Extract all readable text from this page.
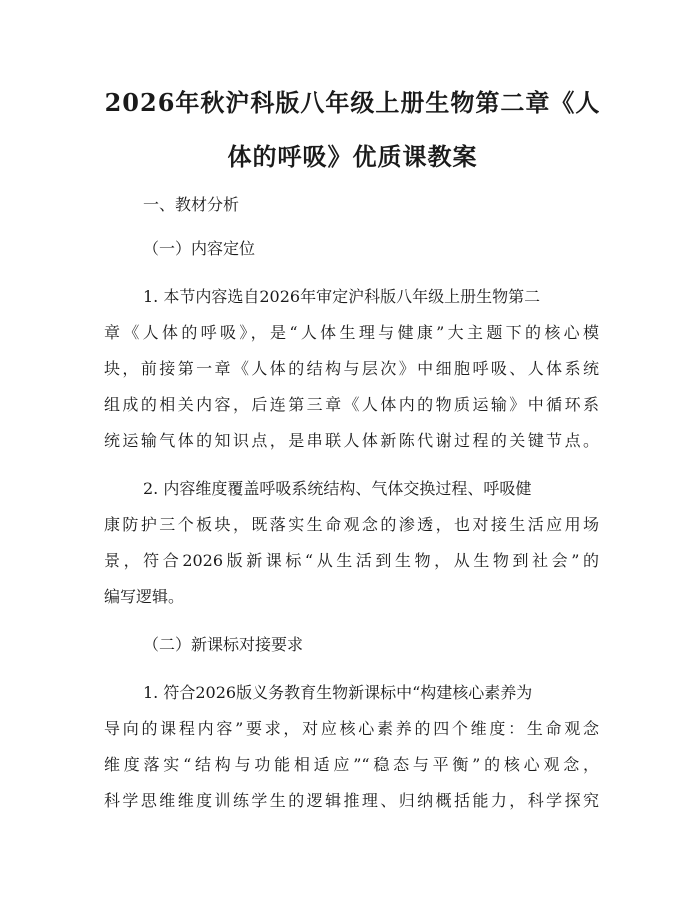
2026年秋沪科版八年级上册生物第二章《人
体的呼吸》优质课教案
一、教材分析
（一）内容定位
1. 本节内容选自2026年审定沪科版八年级上册生物第二
章《人体的呼吸》，是“人体生理与健康”大主题下的核心模
块，前接第一章《人体的结构与层次》中细胞呼吸、人体系统
组成的相关内容，后连第三章《人体内的物质运输》中循环系
统运输气体的知识点，是串联人体新陈代谢过程的关键节点。
2. 内容维度覆盖呼吸系统结构、气体交换过程、呼吸健
康防护三个板块，既落实生命观念的渗透，也对接生活应用场
景，符合2026版新课标“从生活到生物，从生物到社会”的
编写逻辑。
（二）新课标对接要求
1. 符合2026版义务教育生物新课标中“构建核心素养为
导向的课程内容”要求，对应核心素养的四个维度：生命观念
维度落实“结构与功能相适应”“稳态与平衡”的核心观念，
科学思维维度训练学生的逻辑推理、归纳概括能力，科学探究
